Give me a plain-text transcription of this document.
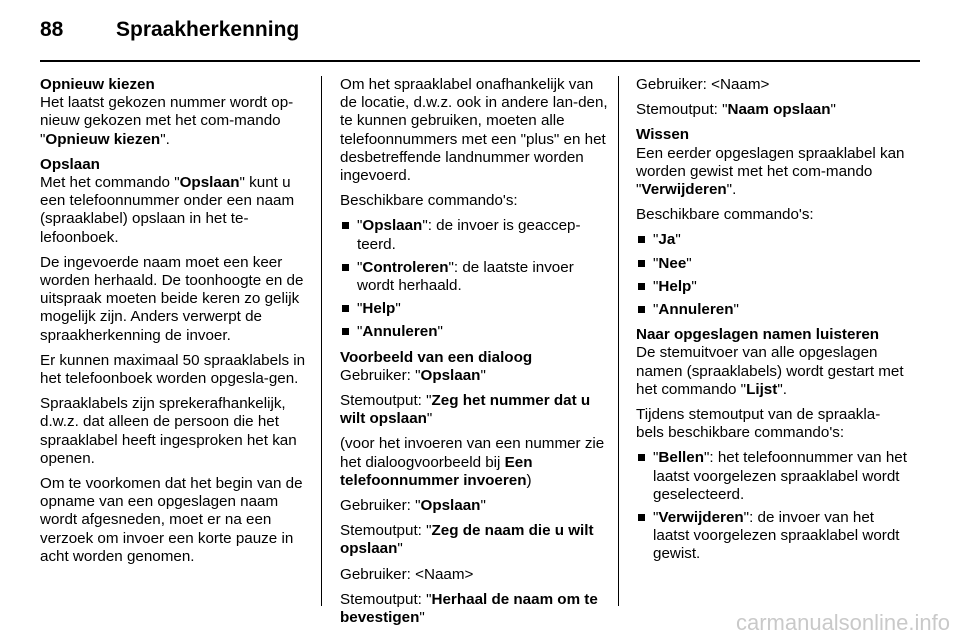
88	Spraakherkenning
Opnieuw kiezen
Het laatst gekozen nummer wordt op-nieuw gekozen met het com-mando "Opnieuw kiezen".
Opslaan
Met het commando "Opslaan" kunt u een telefoonnummer onder een naam (spraaklabel) opslaan in het te-lefoonboek.

De ingevoerde naam moet een keer worden herhaald. De toonhoogte en de uitspraak moeten beide keren zo gelijk mogelijk zijn. Anders verwerpt de spraakherkenning de invoer.

Er kunnen maximaal 50 spraaklabels in het telefoonboek worden opgesla-gen.

Spraaklabels zijn sprekerafhankelijk, d.w.z. dat alleen de persoon die het spraaklabel heeft ingesproken het kan openen.

Om te voorkomen dat het begin van de opname van een opgeslagen naam wordt afgesneden, moet er na een verzoek om invoer een korte pauze in acht worden genomen.

Om het spraaklabel onafhankelijk van de locatie, d.w.z. ook in andere lan-den, te kunnen gebruiken, moeten alle telefoonnummers met een "plus" en het desbetreffende landnummer worden ingevoerd.

Beschikbare commando's:

"Opslaan": de invoer is geaccep-teerd.
"Controleren": de laatste invoer wordt herhaald.
"Help"
"Annuleren"
Voorbeeld van een dialoog

Gebruiker: "Opslaan"

Stemoutput: "Zeg het nummer dat u wilt opslaan"

(voor het invoeren van een nummer zie het dialoogvoorbeeld bij Een telefoonnummer invoeren)

Gebruiker: "Opslaan"

Stemoutput: "Zeg de naam die u wilt opslaan"

Gebruiker: <Naam>

Stemoutput: "Herhaal de naam om te bevestigen"

Gebruiker: <Naam>

Stemoutput: "Naam opslaan"

Wissen
Een eerder opgeslagen spraaklabel kan worden gewist met het com-mando "Verwijderen".

Beschikbare commando's:

"Ja"
"Nee"
"Help"
"Annuleren"
Naar opgeslagen namen luisteren
De stemuitvoer van alle opgeslagen namen (spraaklabels) wordt gestart met het commando "Lijst".

Tijdens stemoutput van de spraakla-bels beschikbare commando's:

"Bellen": het telefoonnummer van het laatst voorgelezen spraaklabel wordt geselecteerd.
"Verwijderen": de invoer van het laatst voorgelezen spraaklabel wordt gewist.
carmanualsonline.info
